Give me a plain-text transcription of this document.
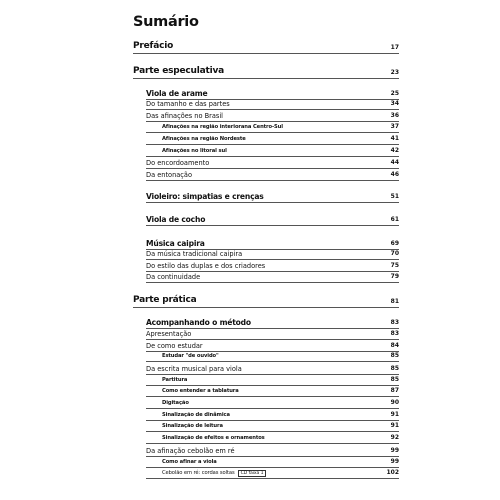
Sumário
Prefácio	17
Parte especulativa	23
Viola de arame	25
Do tamanho e das partes	34
Das afinações no Brasil	36
Afinações na região interiorana Centro-Sul	37
Afinações na região Nordeste	41
Afinações no litoral sul	42
Do encordoamento	44
Da entonação	46
Violeiro: simpatias e crenças	51
Viola de cocho	61
Música caipira	69
Da música tradicional caipira	70
Do estilo das duplas e dos criadores	75
Da continuidade	79
Parte prática	81
Acompanhando o método	83
Apresentação	83
De como estudar	84
Estudar "de ouvido"	85
Da escrita musical para viola	85
Partitura	85
Como entender a tablatura	87
Digitação	90
Sinalização de dinâmica	91
Sinalização de leitura	91
Sinalização de efeitos e ornamentos	92
Da afinação cebolão em ré	99
Como afinar a viola	99
Cebolão em ré: cordas soltas CD faixa 1	102
